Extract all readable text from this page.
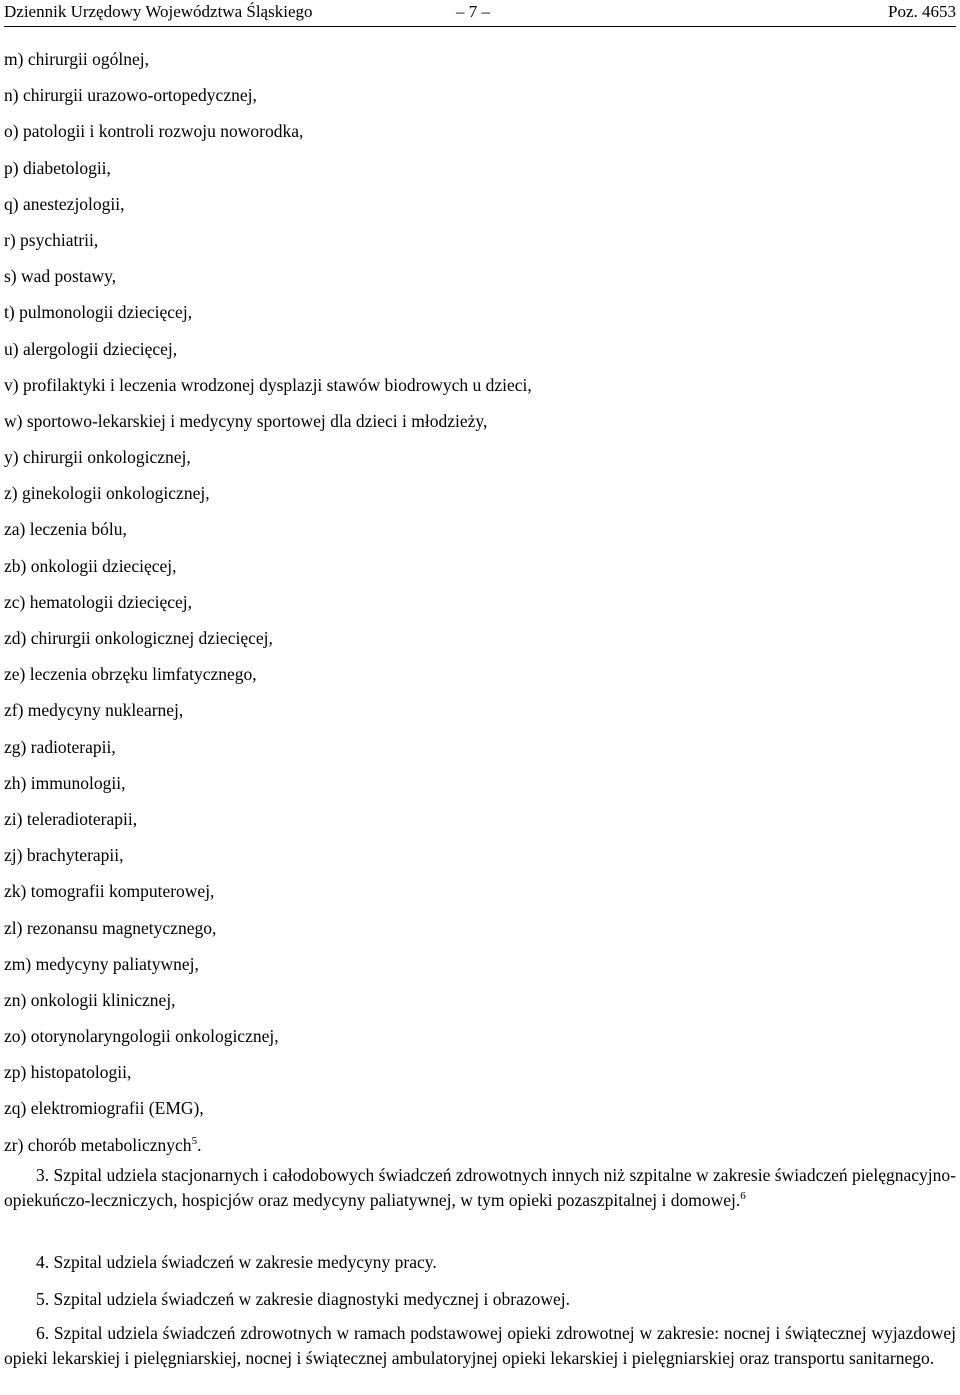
Dziennik Urzędowy Województwa Śląskiego	– 7 –	Poz. 4653
m) chirurgii ogólnej,
n) chirurgii urazowo-ortopedycznej,
o) patologii i kontroli rozwoju noworodka,
p) diabetologii,
q) anestezjologii,
r) psychiatrii,
s) wad postawy,
t) pulmonologii dziecięcej,
u) alergologii dziecięcej,
v) profilaktyki i leczenia wrodzonej dysplazji stawów biodrowych u dzieci,
w) sportowo-lekarskiej i medycyny sportowej dla dzieci i młodzieży,
y) chirurgii onkologicznej,
z) ginekologii onkologicznej,
za) leczenia bólu,
zb) onkologii dziecięcej,
zc) hematologii dziecięcej,
zd) chirurgii onkologicznej dziecięcej,
ze) leczenia obrzęku limfatycznego,
zf) medycyny nuklearnej,
zg) radioterapii,
zh) immunologii,
zi) teleradioterapii,
zj) brachyterapii,
zk) tomografii komputerowej,
zl) rezonansu magnetycznego,
zm) medycyny paliatywnej,
zn) onkologii klinicznej,
zo) otorynolaryngologii onkologicznej,
zp) histopatologii,
zq) elektromiografii (EMG),
zr) chorób metabolicznych$^5$.

3. Szpital udziela stacjonarnych i całodobowych świadczeń zdrowotnych innych niż szpitalne w zakresie świadczeń pielęgnacyjno-opiekuńczo-leczniczych, hospicjów oraz medycyny paliatywnej, w tym opieki pozaszpitalnej i domowej.$^6$

4. Szpital udziela świadczeń w zakresie medycyny pracy.

5. Szpital udziela świadczeń w zakresie diagnostyki medycznej i obrazowej.

6. Szpital udziela świadczeń zdrowotnych w ramach podstawowej opieki zdrowotnej w zakresie: nocnej i świątecznej wyjazdowej opieki lekarskiej i pielęgniarskiej, nocnej i świątecznej ambulatoryjnej opieki lekarskiej i pielęgniarskiej oraz transportu sanitarnego.
